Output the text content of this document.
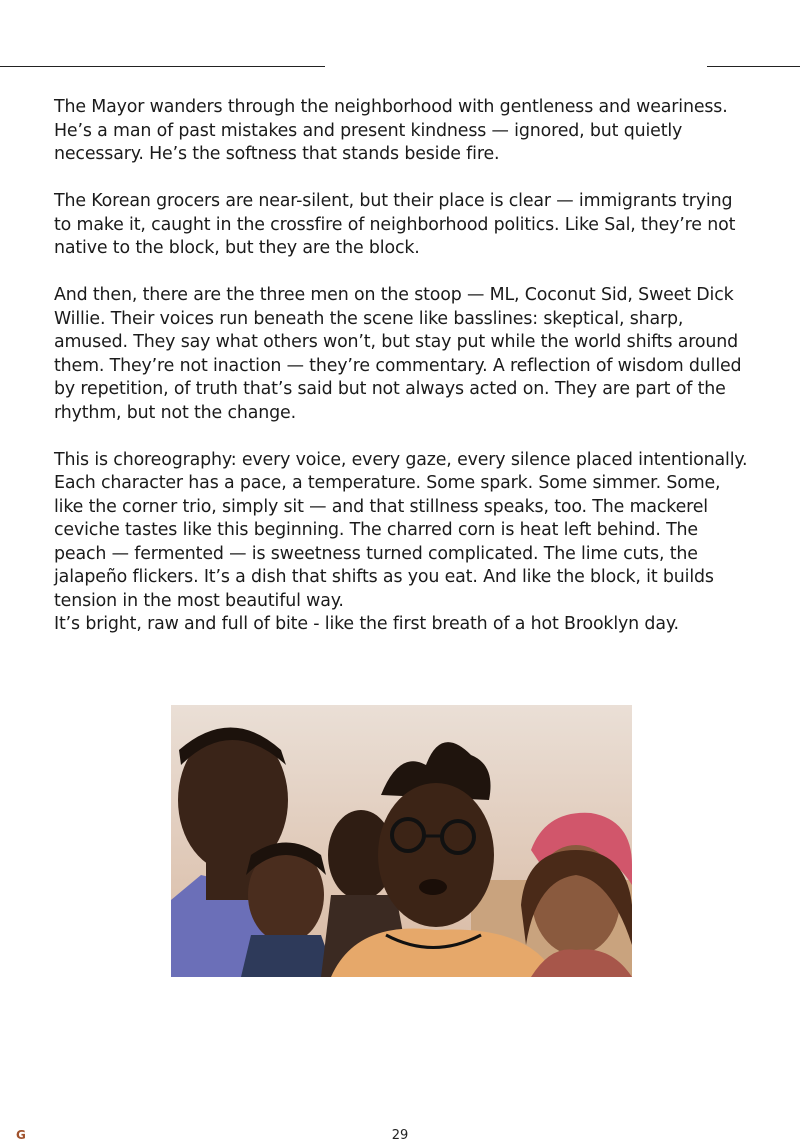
The Mayor wanders through the neighborhood with gentleness and weariness. He’s a man of past mistakes and present kindness — ignored, but quietly necessary. He’s the softness that stands beside fire.

The Korean grocers are near-silent, but their place is clear — immigrants trying to make it, caught in the crossfire of neighborhood politics. Like Sal, they’re not native to the block, but they are the block.

And then, there are the three men on the stoop — ML, Coconut Sid, Sweet Dick Willie. Their voices run beneath the scene like basslines: skeptical, sharp, amused. They say what others won’t, but stay put while the world shifts around them. They’re not inaction — they’re commentary. A reflection of wisdom dulled by repetition, of truth that’s said but not always acted on. They are part of the rhythm, but not the change.

This is choreography: every voice, every gaze, every silence placed intentionally. Each character has a pace, a temperature. Some spark. Some simmer. Some, like the corner trio, simply sit — and that stillness speaks, too. The mackerel ceviche tastes like this beginning. The charred corn is heat left behind. The peach — fermented — is sweetness turned complicated. The lime cuts, the jalapeño flickers. It’s a dish that shifts as you eat. And like the block, it builds tension in the most beautiful way.

It’s bright, raw and full of bite - like the first breath of a hot Brooklyn day.

G	29
